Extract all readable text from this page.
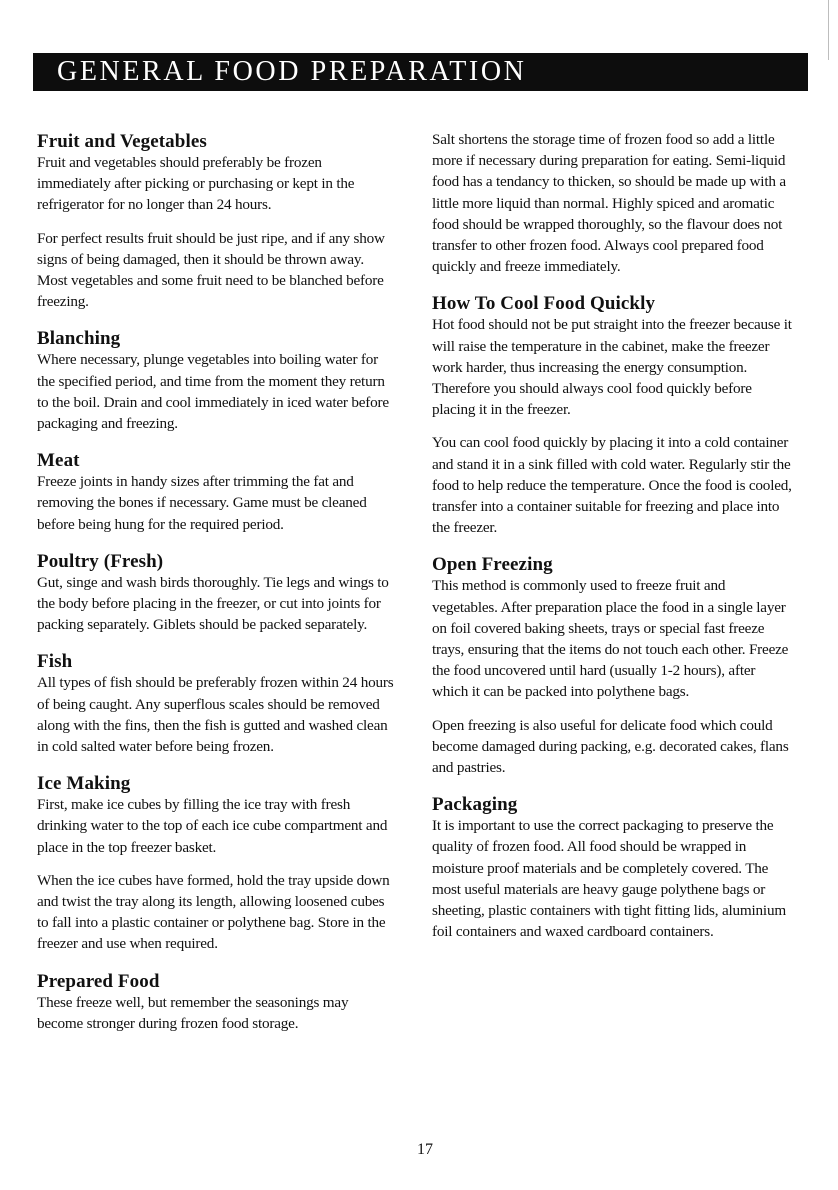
GENERAL FOOD PREPARATION
Fruit and Vegetables

Fruit and vegetables should preferably be frozen immediately after picking or purchasing or kept in the refrigerator for no longer than 24 hours.

For perfect results fruit should be just ripe, and if any show signs of being damaged, then it should be thrown away. Most vegetables and some fruit need to be blanched before freezing.

Blanching

Where necessary, plunge vegetables into boiling water for the specified period, and time from the moment they return to the boil. Drain and cool immediately in iced water before packaging and freezing.

Meat

Freeze joints in handy sizes after trimming the fat and removing the bones if necessary. Game must be cleaned before being hung for the required period.

Poultry (Fresh)

Gut, singe and wash birds thoroughly. Tie legs and wings to the body before placing in the freezer, or cut into joints for packing separately. Giblets should be packed separately.

Fish

All types of fish should be preferably frozen within 24 hours of being caught. Any superflous scales should be removed along with the fins, then the fish is gutted and washed clean in cold salted water before being frozen.

Ice Making

First, make ice cubes by filling the ice tray with fresh drinking water to the top of each ice cube compartment and place in the top freezer basket.

When the ice cubes have formed, hold the tray upside down and twist the tray along its length, allowing loosened cubes to fall into a plastic container or polythene bag. Store in the freezer and use when required.

Prepared Food

These freeze well, but remember the seasonings may become stronger during frozen food storage.

Salt shortens the storage time of frozen food so add a little more if necessary during preparation for eating. Semi-liquid food has a tendancy to thicken, so should be made up with a little more liquid than normal. Highly spiced and aromatic food should be wrapped thoroughly, so the flavour does not transfer to other frozen food. Always cool prepared food quickly and freeze immediately.

How To Cool Food Quickly

Hot food should not be put straight into the freezer because it will raise the temperature in the cabinet, make the freezer work harder, thus increasing the energy consumption. Therefore you should always cool food quickly before placing it in the freezer.

You can cool food quickly by placing it into a cold container and stand it in a sink filled with cold water. Regularly stir the food to help reduce the temperature. Once the food is cooled, transfer into a container suitable for freezing and place into the freezer.

Open Freezing

This method is commonly used to freeze fruit and vegetables. After preparation place the food in a single layer on foil covered baking sheets, trays or special fast freeze trays, ensuring that the items do not touch each other. Freeze the food uncovered until hard (usually 1-2 hours), after which it can be packed into polythene bags.

Open freezing is also useful for delicate food which could become damaged during packing, e.g. decorated cakes, flans and pastries.

Packaging

It is important to use the correct packaging to preserve the quality of frozen food. All food should be wrapped in moisture proof materials and be completely covered. The most useful materials are heavy gauge polythene bags or sheeting, plastic containers with tight fitting lids, aluminium foil containers and waxed cardboard containers.

17
